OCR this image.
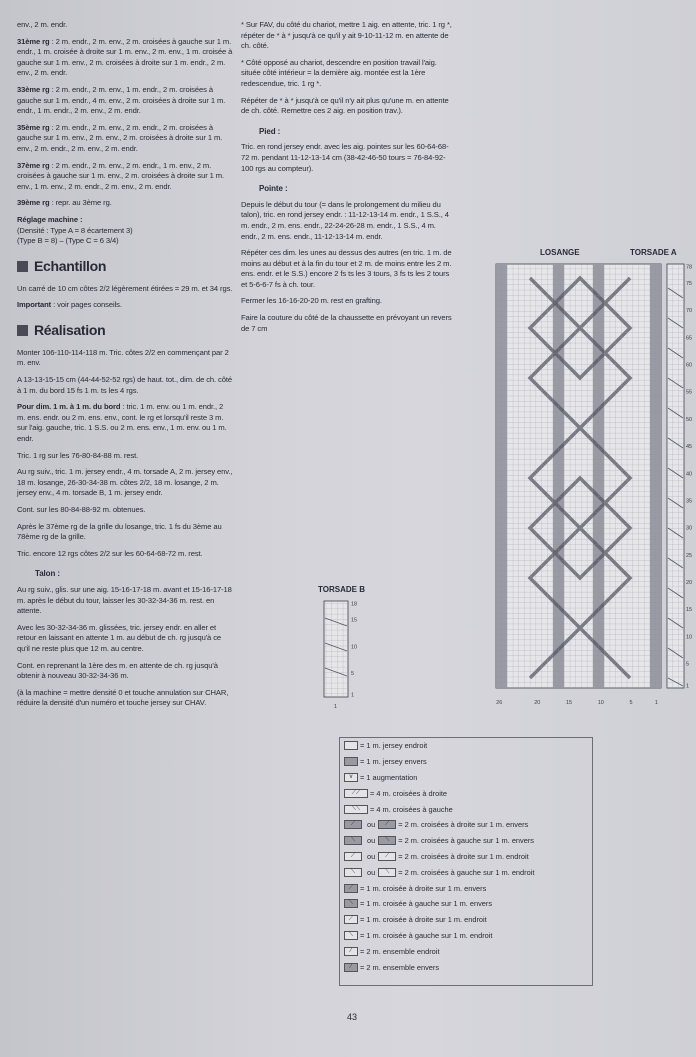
env., 2 m. endr.

31ème rg : 2 m. endr., 2 m. env., 2 m. croisées à gauche sur 1 m. endr., 1 m. croisée à droite sur 1 m. env., 2 m. env., 1 m. croisée à gauche sur 1 m. env., 2 m. croisées à droite sur 1 m. endr., 2 m. env., 2 m. endr.

33ème rg : 2 m. endr., 2 m. env., 1 m. endr., 2 m. croisées à gauche sur 1 m. endr., 4 m. env., 2 m. croisées à droite sur 1 m. endr., 1 m. endr., 2 m. env., 2 m. endr.

35ème rg : 2 m. endr., 2 m. env., 2 m. endr., 2 m. croisées à gauche sur 1 m. env., 2 m. env., 2 m. croisées à droite sur 1 m. env., 2 m. endr., 2 m. env., 2 m. endr.

37ème rg : 2 m. endr., 2 m. env., 2 m. endr., 1 m. env., 2 m. croisées à gauche sur 1 m. env., 2 m. croisées à droite sur 1 m. env., 1 m. env., 2 m. endr., 2 m. env., 2 m. endr.

39ème rg : repr. au 3ème rg.

Réglage machine :
(Densité : Type A = 8 écartement 3)
(Type B = 8) – (Type C = 6 3/4)
Echantillon

Un carré de 10 cm côtes 2/2 légèrement étirées = 29 m. et 34 rgs.

Important : voir pages conseils.

Réalisation

Monter 106-110-114-118 m. Tric. côtes 2/2 en commençant par 2 m. env.

A 13-13-15-15 cm (44-44-52-52 rgs) de haut. tot., dim. de ch. côté à 1 m. du bord 15 fs 1 m. ts les 4 rgs.

Pour dim. 1 m. à 1 m. du bord : tric. 1 m. env. ou 1 m. endr., 2 m. ens. endr. ou 2 m. ens. env., cont. le rg et lorsqu'il reste 3 m. sur l'aig. gauche, tric. 1 S.S. ou 2 m. ens. env., 1 m. env. ou 1 m. endr.

Tric. 1 rg sur les 76-80-84-88 m. rest.

Au rg suiv., tric. 1 m. jersey endr., 4 m. torsade A, 2 m. jersey env., 18 m. losange, 26-30-34-38 m. côtes 2/2, 18 m. losange, 2 m. jersey env., 4 m. torsade B, 1 m. jersey endr.

Cont. sur les 80-84-88-92 m. obtenues.

Après le 37ème rg de la grille du losange, tric. 1 fs du 3ème au 78ème rg de la grille.

Tric. encore 12 rgs côtes 2/2 sur les 60-64-68-72 m. rest.

Talon :

Au rg suiv., glis. sur une aig. 15-16-17-18 m. avant et 15-16-17-18 m. après le début du tour, laisser les 30-32-34-36 m. rest. en attente.

Avec les 30-32-34-36 m. glissées, tric. jersey endr. en aller et retour en laissant en attente 1 m. au début de ch. rg jusqu'à ce qu'il ne reste plus que 12 m. au centre.

Cont. en reprenant la 1ère des m. en attente de ch. rg jusqu'à obtenir à nouveau 30-32-34-36 m.

(à la machine = mettre densité 0 et touche annulation sur CHAR, réduire la densité d'un numéro et touche jersey sur CHAV.

* Sur FAV, du côté du chariot, mettre 1 aig. en attente, tric. 1 rg *, répéter de * à * jusqu'à ce qu'il y ait 9-10-11-12 m. en attente de ch. côté.

* Côté opposé au chariot, descendre en position travail l'aig. située côté intérieur = la dernière aig. montée est la 1ère redescendue, tric. 1 rg *.

Répéter de * à * jusqu'à ce qu'il n'y ait plus qu'une m. en attente de ch. côté. Remettre ces 2 aig. en position trav.).

Pied :

Tric. en rond jersey endr. avec les aig. pointes sur les 60-64-68-72 m. pendant 11-12-13-14 cm (38-42-46-50 tours = 76-84-92-100 rgs au compteur).

Pointe :

Depuis le début du tour (= dans le prolongement du milieu du talon), tric. en rond jersey endr. : 11-12-13-14 m. endr., 1 S.S., 4 m. endr., 2 m. ens. endr., 22-24-26-28 m. endr., 1 S.S., 4 m. endr., 2 m. ens. endr., 11-12-13-14 m. endr.

Répéter ces dim. les unes au dessus des autres (en tric. 1 m. de moins au début et à la fin du tour et 2 m. de moins entre les 2 m. ens. endr. et le S.S.) encore 2 fs ts les 3 tours, 3 fs ts les 2 tours et 5-6-6-7 fs à ch. tour.

Fermer les 16-16-20-20 m. rest en grafting.

Faire la couture du côté de la chaussette en prévoyant un revers de 7 cm

LOSANGE	TORSADE A
TORSADE B
78
75
70
65
60
55
50
45
40
35
30
25
20
15
10
5
1
26	20	15	10	5	1
18
15
10
5
1
1
= 1 m. jersey endroit
= 1 m. jersey envers
v	= 1 augmentation
⟋⟋	= 4 m. croisées à droite
⟍⟍	= 4 m. croisées à gauche
⟋	ou	⟋	= 2 m. croisées à droite sur 1 m. envers
⟍	ou	⟍	= 2 m. croisées à gauche sur 1 m. envers
⟋	ou	⟋	= 2 m. croisées à droite sur 1 m. endroit
⟍	ou	⟍	= 2 m. croisées à gauche sur 1 m. endroit
⟋ = 1 m. croisée à droite sur 1 m. envers
⟍ = 1 m. croisée à gauche sur 1 m. envers
⟋ = 1 m. croisée à droite sur 1 m. endroit
⟍ = 1 m. croisée à gauche sur 1 m. endroit
⁄	= 2 m. ensemble endroit
⁄	= 2 m. ensemble envers
43
